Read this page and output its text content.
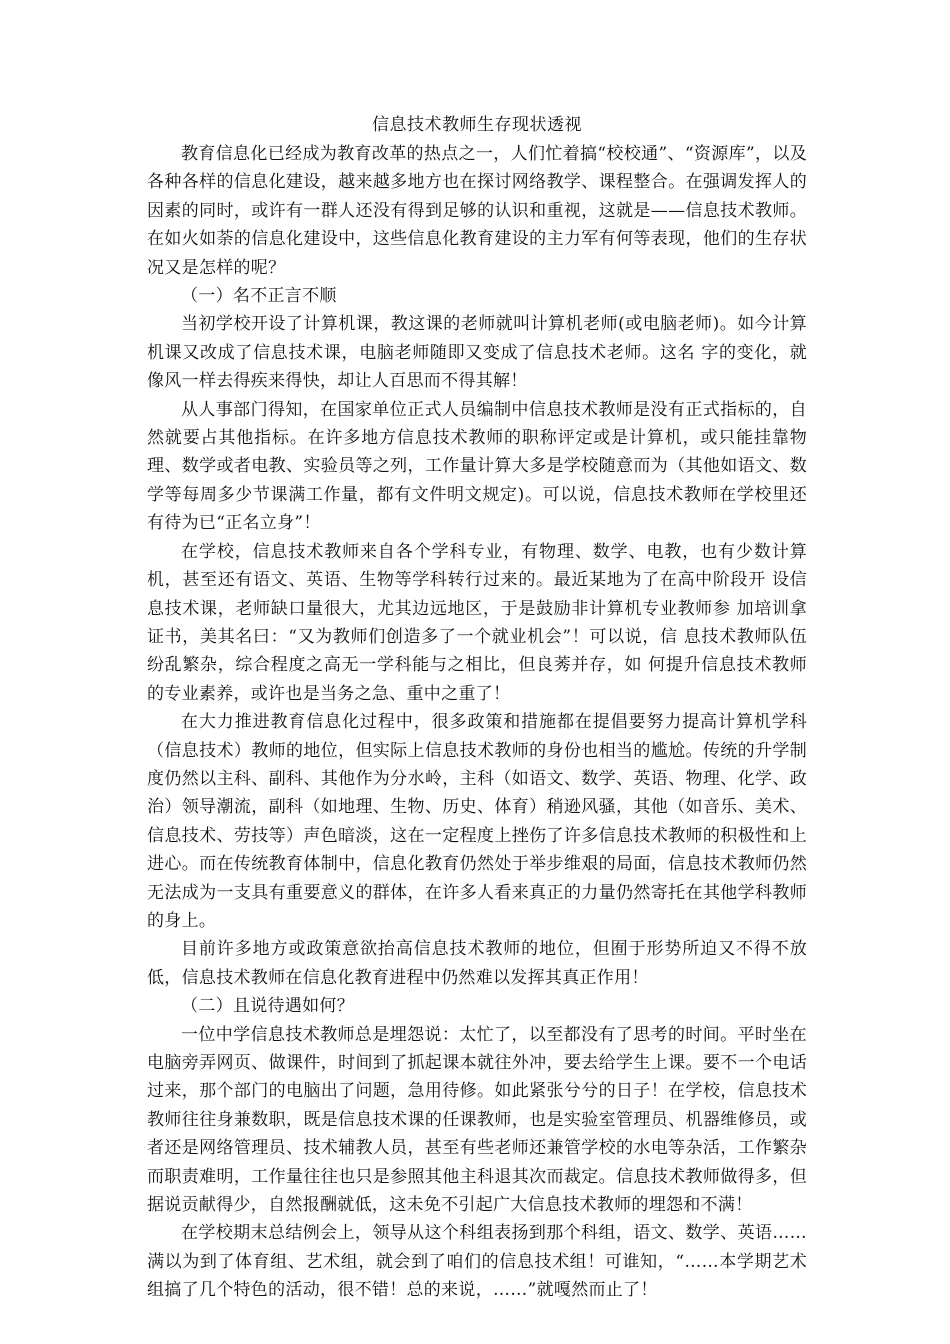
信息技术教师生存现状透视

教育信息化已经成为教育改革的热点之一，人们忙着搞“校校通”、“资源库”，以及各种各样的信息化建设，越来越多地方也在探讨网络教学、课程整合。在强调发挥人的因素的同时，或许有一群人还没有得到足够的认识和重视，这就是——信息技术教师。在如火如荼的信息化建设中，这些信息化教育建设的主力军有何等表现，他们的生存状况又是怎样的呢？

（一）名不正言不顺

当初学校开设了计算机课，教这课的老师就叫计算机老师(或电脑老师)。如今计算机课又改成了信息技术课，电脑老师随即又变成了信息技术老师。这名 字的变化，就像风一样去得疾来得快，却让人百思而不得其解！

从人事部门得知，在国家单位正式人员编制中信息技术教师是没有正式指标的，自然就要占其他指标。在许多地方信息技术教师的职称评定或是计算机，或只能挂靠物理、数学或者电教、实验员等之列，工作量计算大多是学校随意而为（其他如语文、数学等每周多少节课满工作量，都有文件明文规定)。可以说，信息技术教师在学校里还有待为已“正名立身”！

在学校，信息技术教师来自各个学科专业，有物理、数学、电教，也有少数计算 机，甚至还有语文、英语、生物等学科转行过来的。最近某地为了在高中阶段开 设信息技术课，老师缺口量很大，尤其边远地区，于是鼓励非计算机专业教师参 加培训拿证书，美其名曰：“又为教师们创造多了一个就业机会”！可以说，信 息技术教师队伍纷乱繁杂，综合程度之高无一学科能与之相比，但良莠并存，如 何提升信息技术教师的专业素养，或许也是当务之急、重中之重了！

在大力推进教育信息化过程中，很多政策和措施都在提倡要努力提高计算机学科（信息技术）教师的地位，但实际上信息技术教师的身份也相当的尴尬。传统的升学制度仍然以主科、副科、其他作为分水岭，主科（如语文、数学、英语、物理、化学、政治）领导潮流，副科（如地理、生物、历史、体育）稍逊风骚，其他（如音乐、美术、信息技术、劳技等）声色暗淡，这在一定程度上挫伤了许多信息技术教师的积极性和上进心。而在传统教育体制中，信息化教育仍然处于举步维艰的局面，信息技术教师仍然无法成为一支具有重要意义的群体，在许多人看来真正的力量仍然寄托在其他学科教师的身上。

目前许多地方或政策意欲抬高信息技术教师的地位，但囿于形势所迫又不得不放 低，信息技术教师在信息化教育进程中仍然难以发挥其真正作用！

（二）且说待遇如何？

一位中学信息技术教师总是埋怨说：太忙了，以至都没有了思考的时间。平时坐在电脑旁弄网页、做课件，时间到了抓起课本就往外冲，要去给学生上课。要不一个电话过来，那个部门的电脑出了问题，急用待修。如此紧张兮兮的日子！在学校，信息技术教师往往身兼数职，既是信息技术课的任课教师，也是实验室管理员、机器维修员，或者还是网络管理员、技术辅教人员，甚至有些老师还兼管学校的水电等杂活，工作繁杂而职责难明，工作量往往也只是参照其他主科退其次而裁定。信息技术教师做得多，但据说贡献得少，自然报酬就低，这未免不引起广大信息技术教师的埋怨和不满！

在学校期末总结例会上，领导从这个科组表扬到那个科组，语文、数学、英语……满以为到了体育组、艺术组，就会到了咱们的信息技术组！可谁知，“……本学期艺术组搞了几个特色的活动，很不错！总的来说，……”就嘎然而止了！
